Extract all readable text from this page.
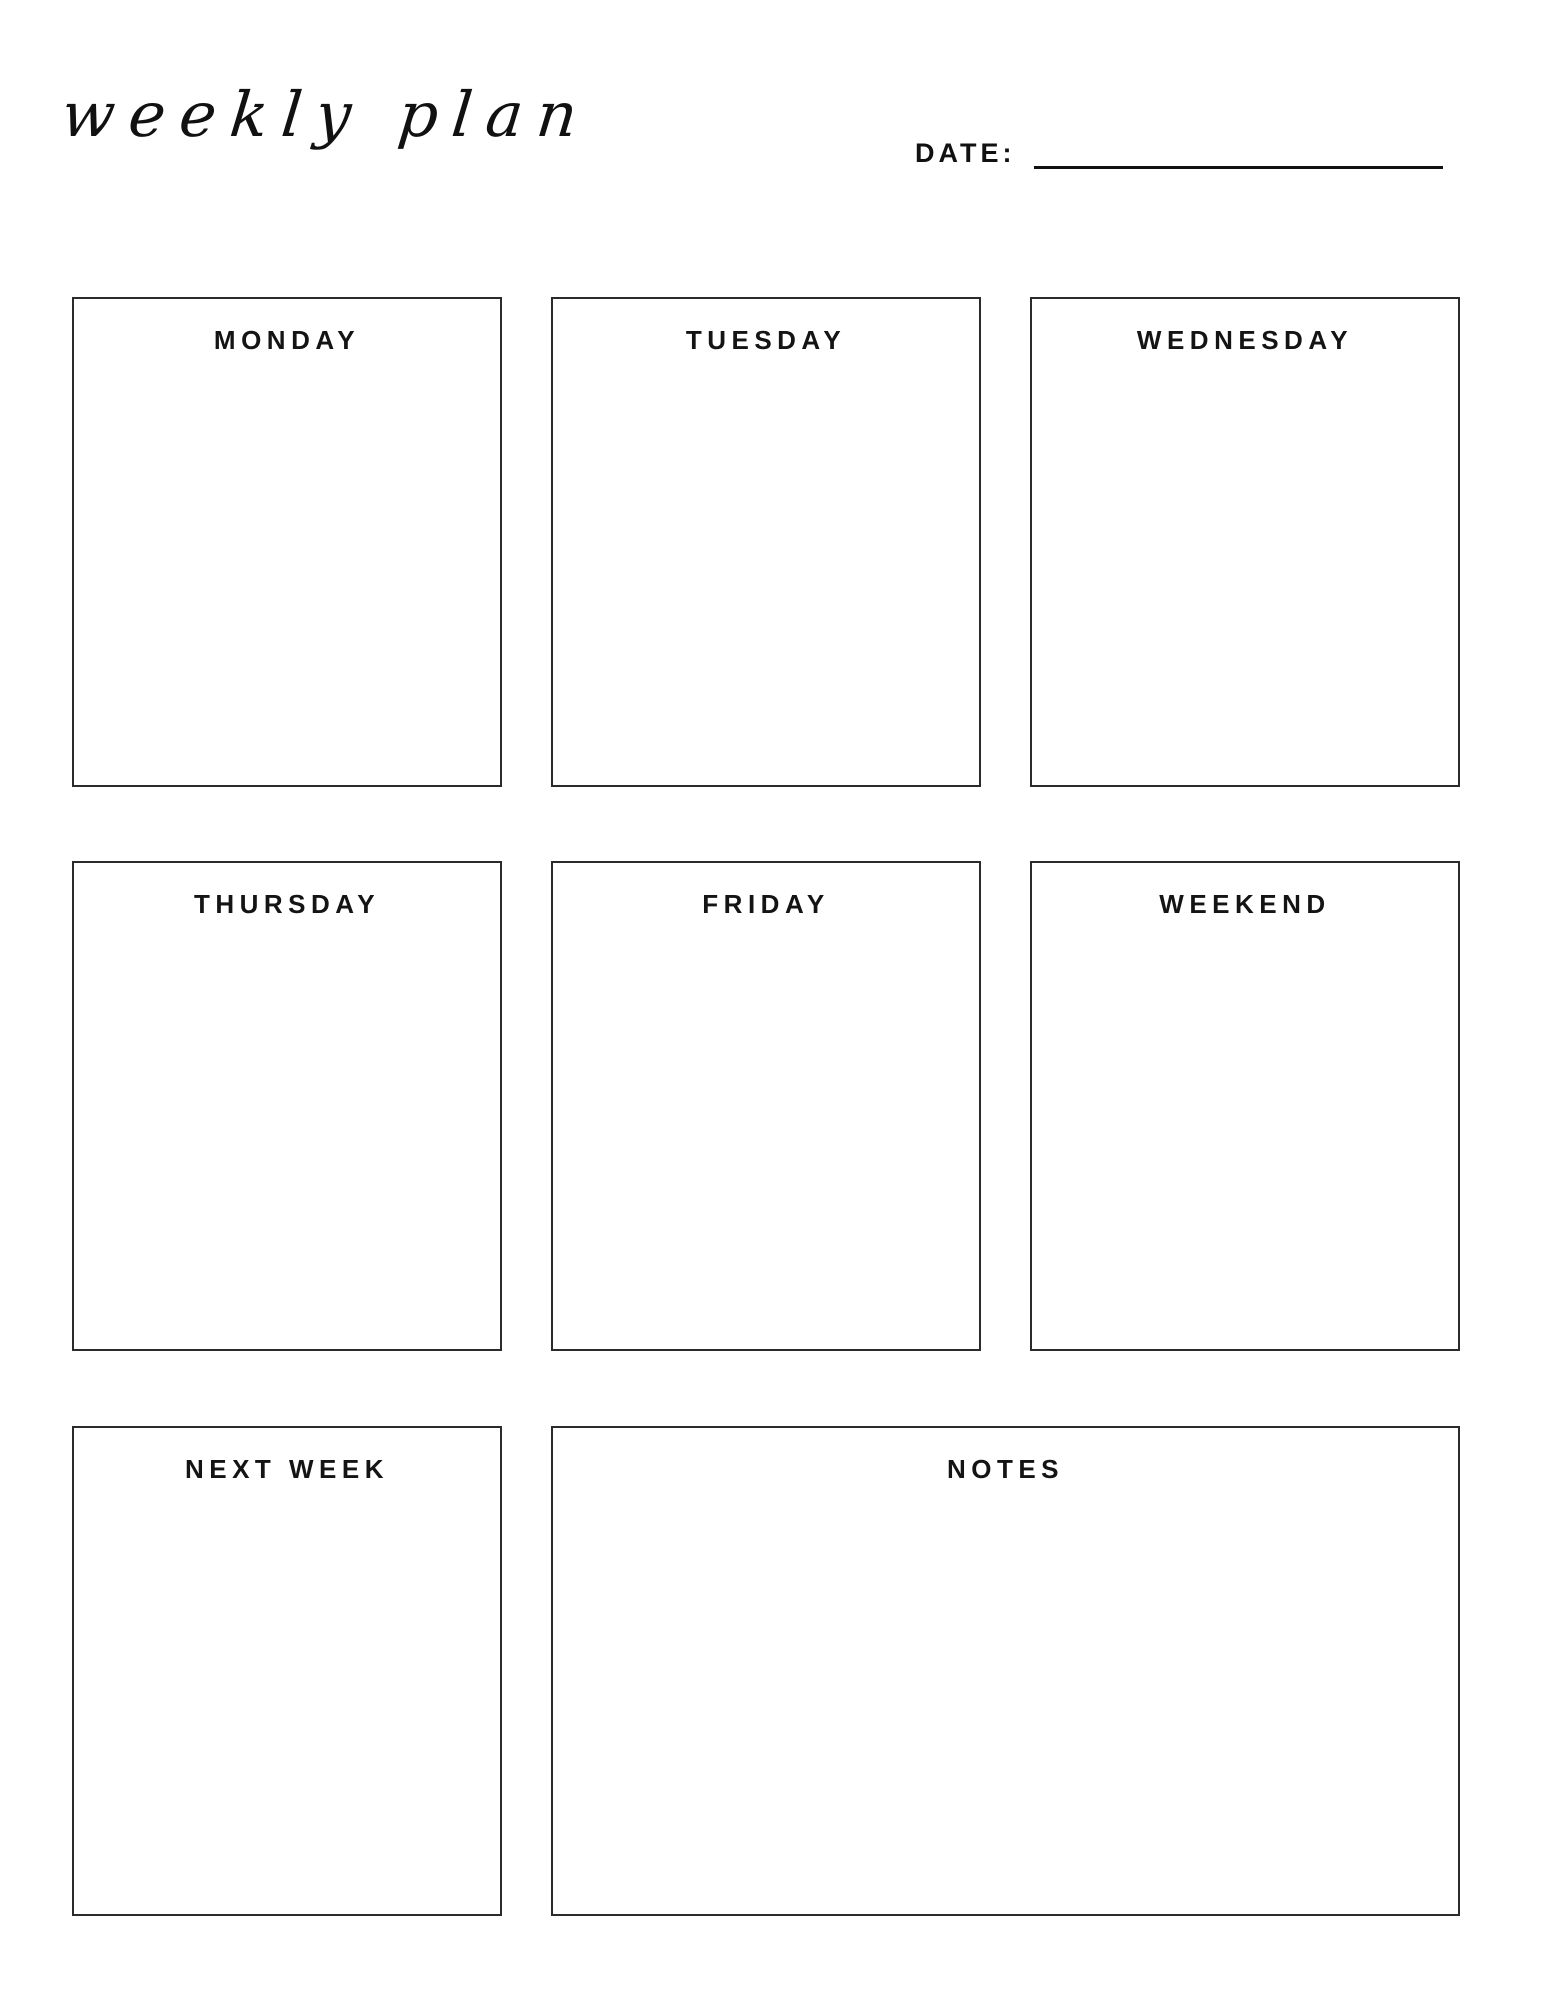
weekly plan
DATE:
MONDAY	TUESDAY	WEDNESDAY
THURSDAY	FRIDAY	WEEKEND
NEXT WEEK	NOTES
